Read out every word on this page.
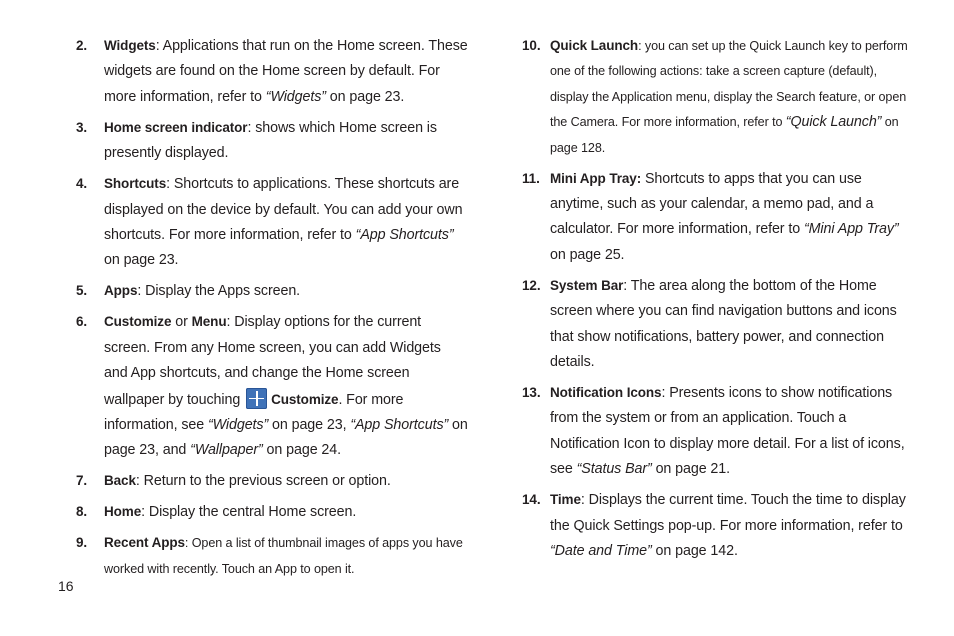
2. Widgets: Applications that run on the Home screen. These widgets are found on the Home screen by default. For more information, refer to “Widgets” on page 23.
3. Home screen indicator: shows which Home screen is presently displayed.
4. Shortcuts: Shortcuts to applications. These shortcuts are displayed on the device by default. You can add your own shortcuts. For more information, refer to “App Shortcuts” on page 23.
5. Apps: Display the Apps screen.
6. Customize or Menu: Display options for the current screen. From any Home screen, you can add Widgets and App shortcuts, and change the Home screen wallpaper by touching Customize. For more information, see “Widgets” on page 23, “App Shortcuts” on page 23, and “Wallpaper” on page 24.
7. Back: Return to the previous screen or option.
8. Home: Display the central Home screen.
9. Recent Apps: Open a list of thumbnail images of apps you have worked with recently. Touch an App to open it.
10. Quick Launch: you can set up the Quick Launch key to perform one of the following actions: take a screen capture (default), display the Application menu, display the Search feature, or open the Camera. For more information, refer to “Quick Launch” on page 128.
11. Mini App Tray: Shortcuts to apps that you can use anytime, such as your calendar, a memo pad, and a calculator. For more information, refer to “Mini App Tray” on page 25.
12. System Bar: The area along the bottom of the Home screen where you can find navigation buttons and icons that show notifications, battery power, and connection details.
13. Notification Icons: Presents icons to show notifications from the system or from an application. Touch a Notification Icon to display more detail. For a list of icons, see “Status Bar” on page 21.
14. Time: Displays the current time. Touch the time to display the Quick Settings pop-up. For more information, refer to “Date and Time” on page 142.
16
